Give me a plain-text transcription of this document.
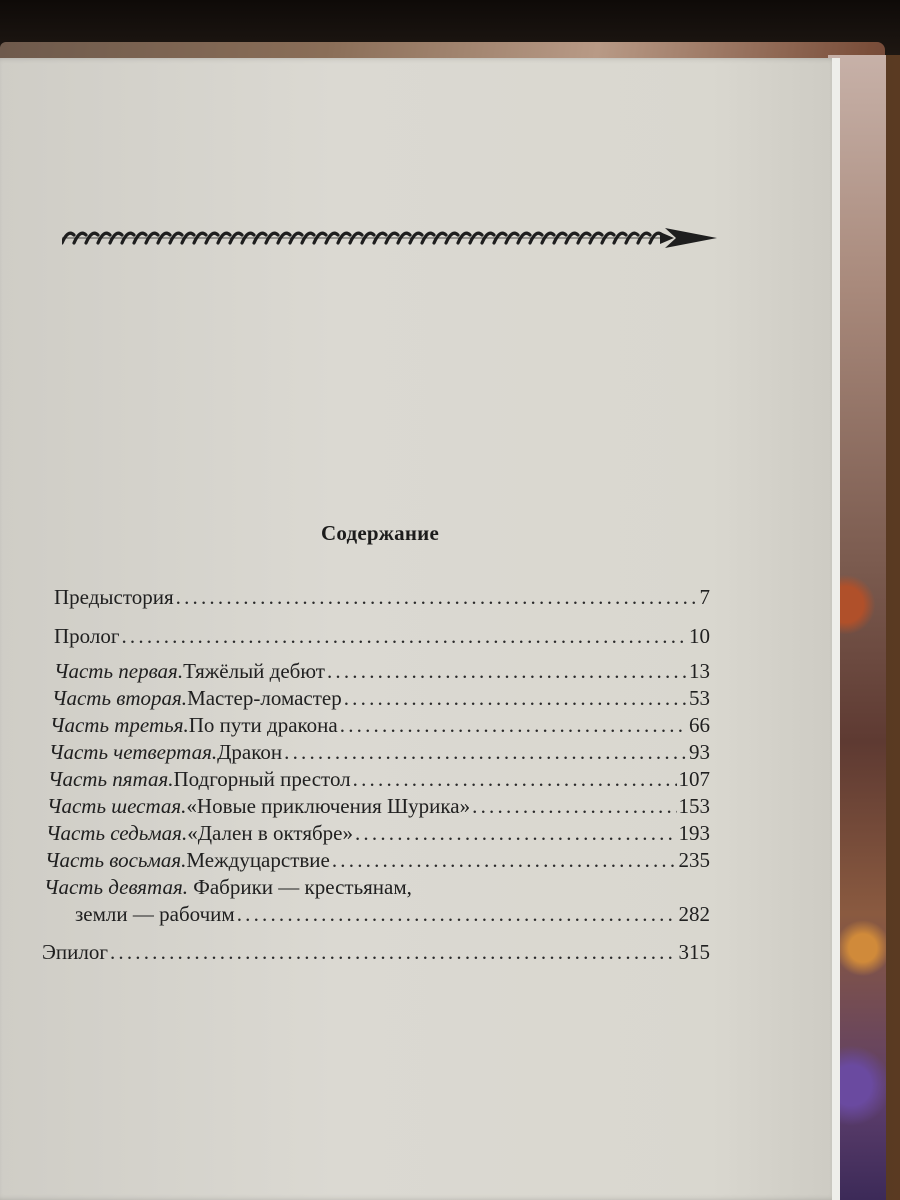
Содержание
Предыстория .....	7
Пролог .....	10
Часть первая. Тяжёлый дебют .....	13
Часть вторая. Мастер-ломастер .....	53
Часть третья. По пути дракона .....	66
Часть четвертая. Дракон .....	93
Часть пятая. Подгорный престол .....	107
Часть шестая. «Новые приключения Шурика» .....	153
Часть седьмая. «Дален в октябре» .....	193
Часть восьмая. Междуцарствие .....	235
Часть девятая. Фабрики — крестьянам,
земли — рабочим .....	282
Эпилог .....	315
